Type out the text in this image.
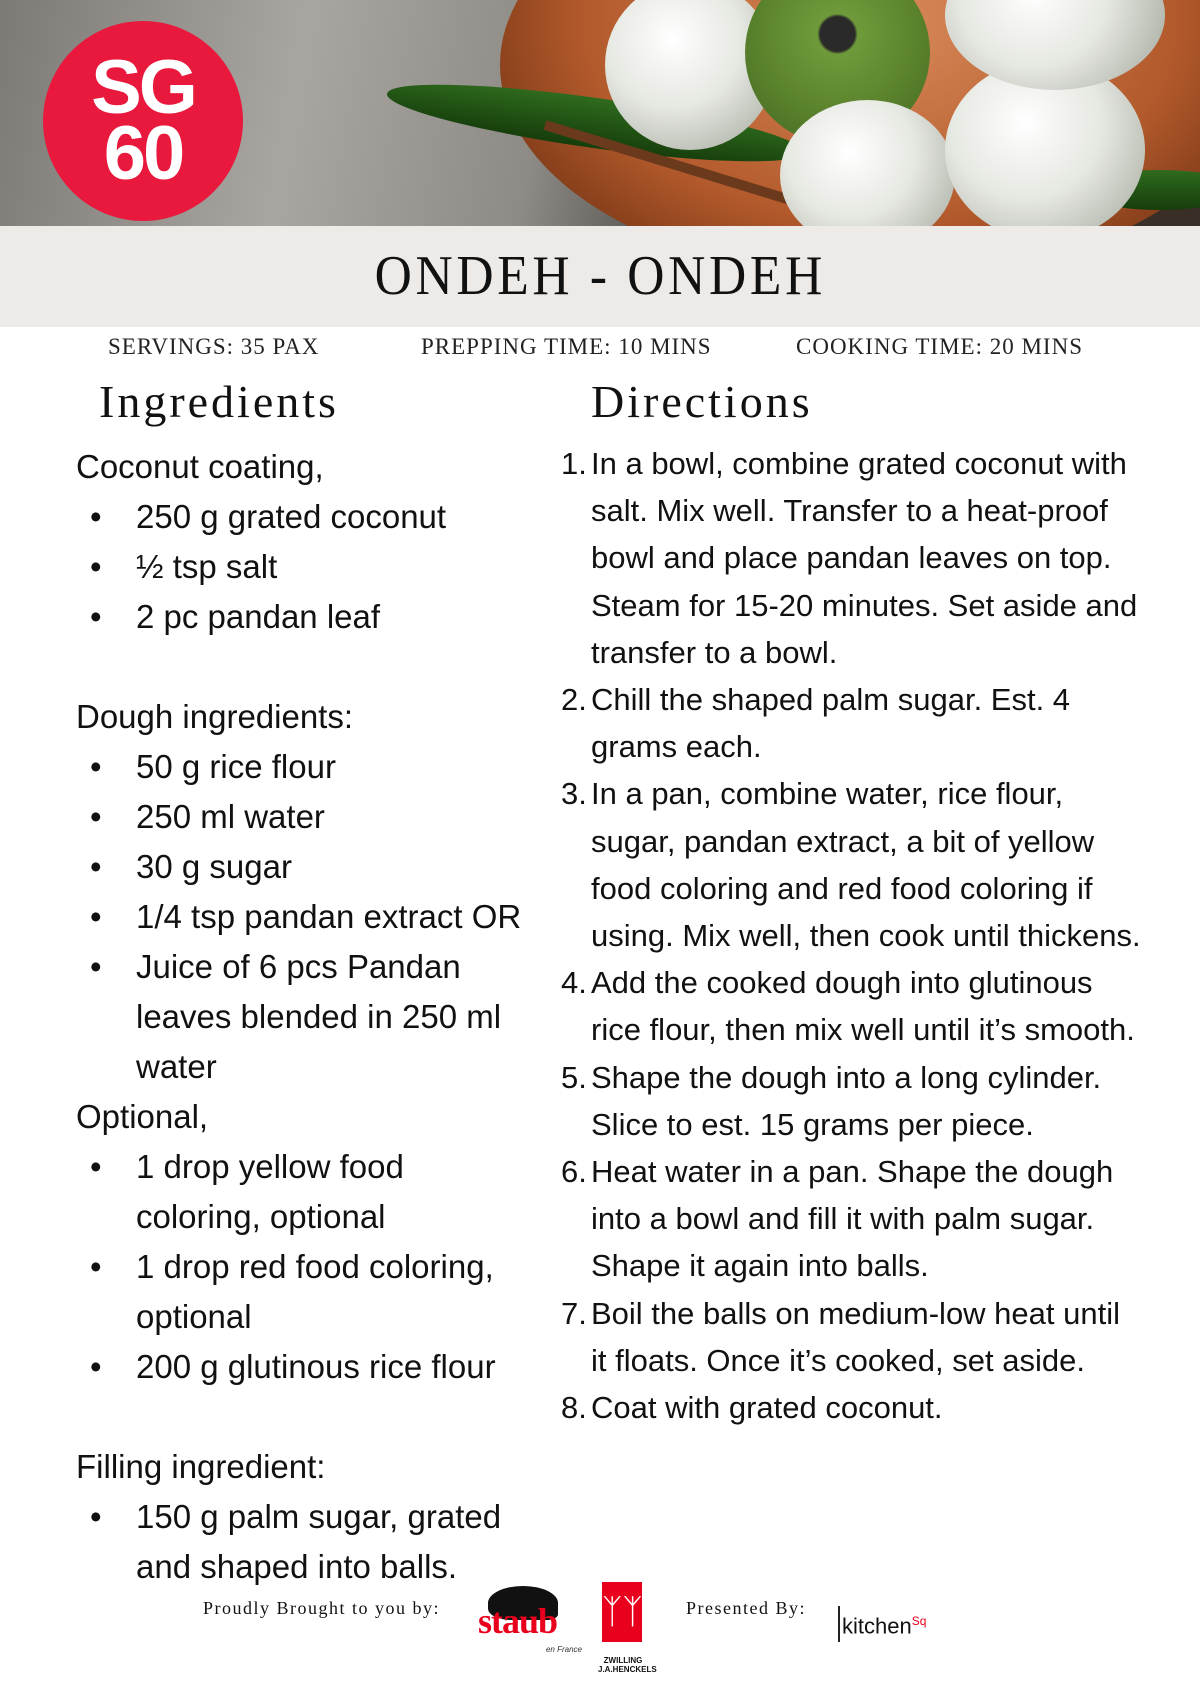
SG
60
ONDEH - ONDEH
SERVINGS: 35 PAX	PREPPING TIME: 10 MINS	COOKING TIME: 20 MINS
Ingredients	Directions
Coconut coating,
• 250 g grated coconut
• ½ tsp salt
• 2 pc pandan leaf
Dough ingredients:
• 50 g rice flour
• 250 ml water
• 30 g sugar
• 1/4 tsp pandan extract OR
• Juice of 6 pcs Pandan leaves blended in 250 ml water
Optional,
• 1 drop yellow food coloring, optional
• 1 drop red food coloring, optional
• 200 g glutinous rice flour
Filling ingredient:
• 150 g palm sugar, grated and shaped into balls.
1. In a bowl, combine grated coconut with salt. Mix well. Transfer to a heat-proof bowl and place pandan leaves on top. Steam for 15-20 minutes. Set aside and transfer to a bowl.
2. Chill the shaped palm sugar. Est. 4 grams each.
3. In a pan, combine water, rice flour, sugar, pandan extract, a bit of yellow food coloring and red food coloring if using. Mix well, then cook until thickens.
4. Add the cooked dough into glutinous rice flour, then mix well until it’s smooth.
5. Shape the dough into a long cylinder. Slice to est. 15 grams per piece.
6. Heat water in a pan. Shape the dough into a bowl and fill it with palm sugar. Shape it again into balls.
7. Boil the balls on medium-low heat until it floats. Once it’s cooked, set aside.
8. Coat with grated coconut.
Proudly Brought to you by: staub
en France
ᛉᛉ
ZWILLING J.A.HENCKELS
Presented By:
kitchen$^{Sq}$
